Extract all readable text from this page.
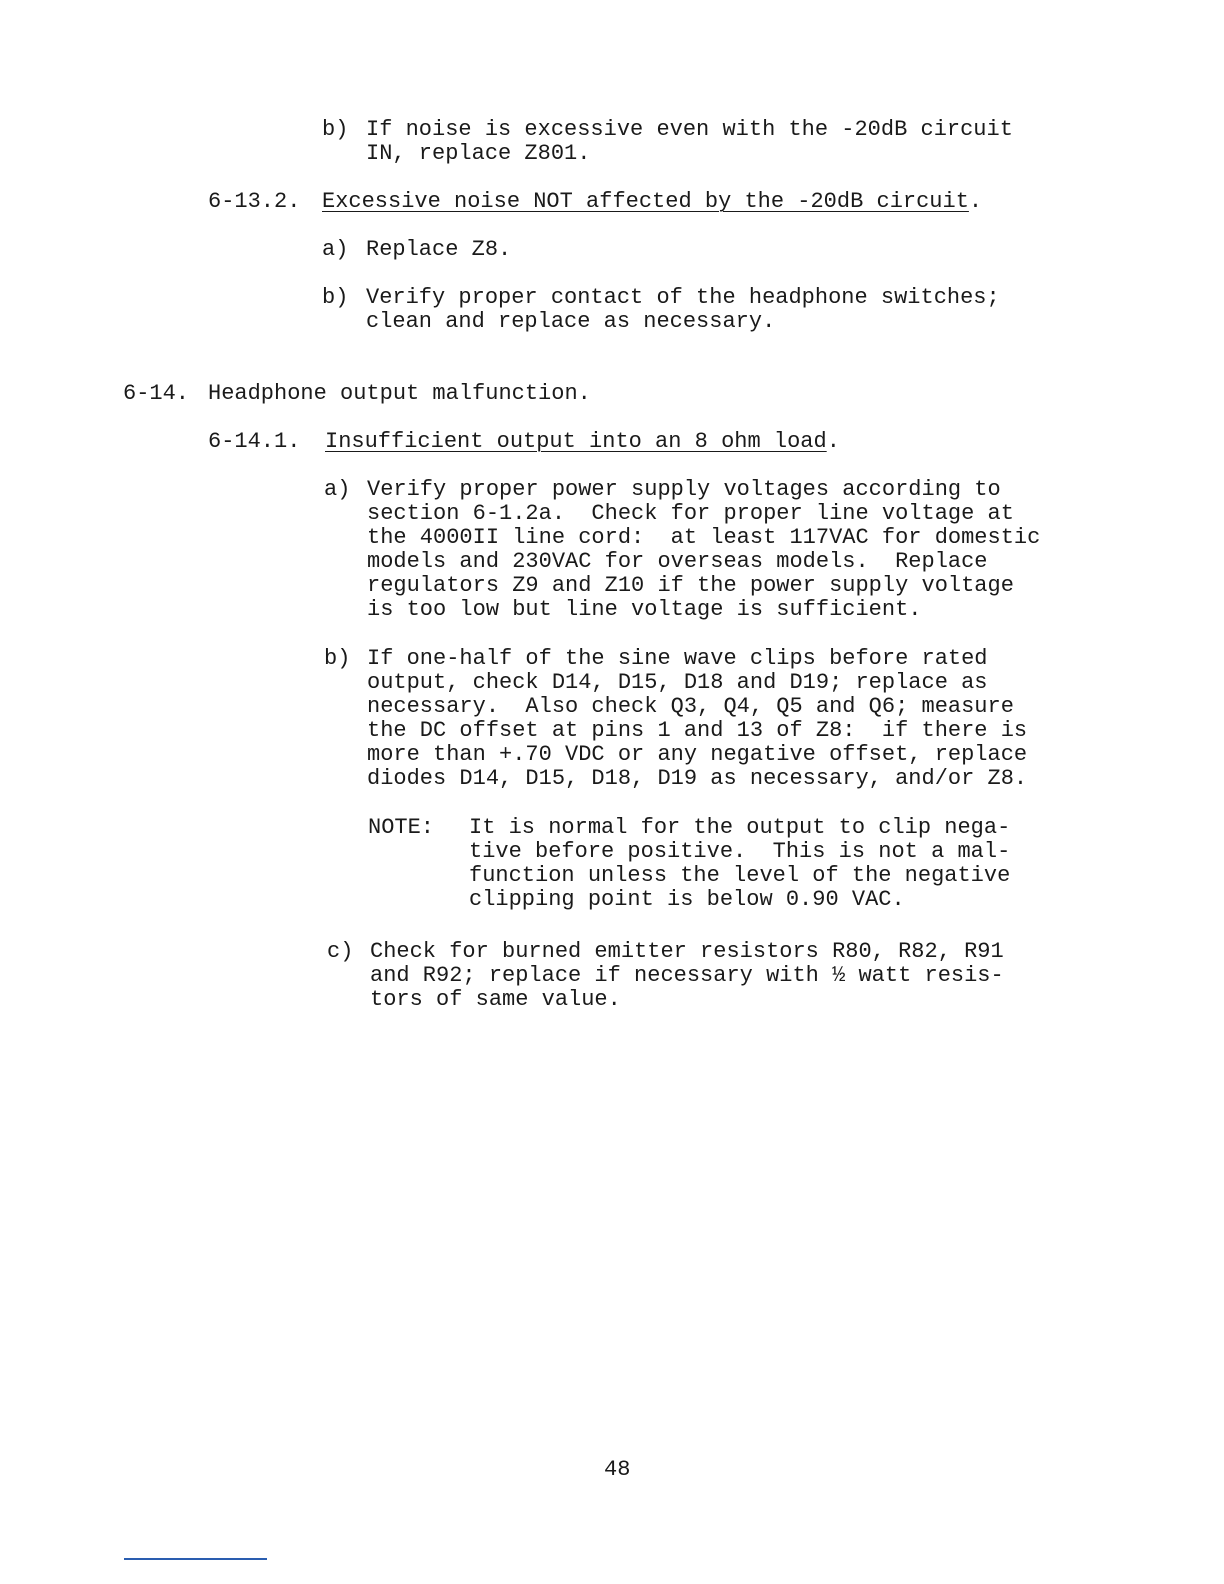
b) If noise is excessive even with the -20dB circuit
IN, replace Z801.
6-13.2. Excessive noise NOT affected by the -20dB circuit.
a) Replace Z8.
b) Verify proper contact of the headphone switches;
clean and replace as necessary.
6-14. Headphone output malfunction.
6-14.1. Insufficient output into an 8 ohm load.
a) Verify proper power supply voltages according to
section 6-1.2a.  Check for proper line voltage at
the 4000II line cord:  at least 117VAC for domestic
models and 230VAC for overseas models.  Replace
regulators Z9 and Z10 if the power supply voltage
is too low but line voltage is sufficient.
b) If one-half of the sine wave clips before rated
output, check D14, D15, D18 and D19; replace as
necessary.  Also check Q3, Q4, Q5 and Q6; measure
the DC offset at pins 1 and 13 of Z8:  if there is
more than +.70 VDC or any negative offset, replace
diodes D14, D15, D18, D19 as necessary, and/or Z8.
NOTE: It is normal for the output to clip nega-
tive before positive.  This is not a mal-
function unless the level of the negative
clipping point is below 0.90 VAC.
c) Check for burned emitter resistors R80, R82, R91
and R92; replace if necessary with ½ watt resis-
tors of same value.
48
